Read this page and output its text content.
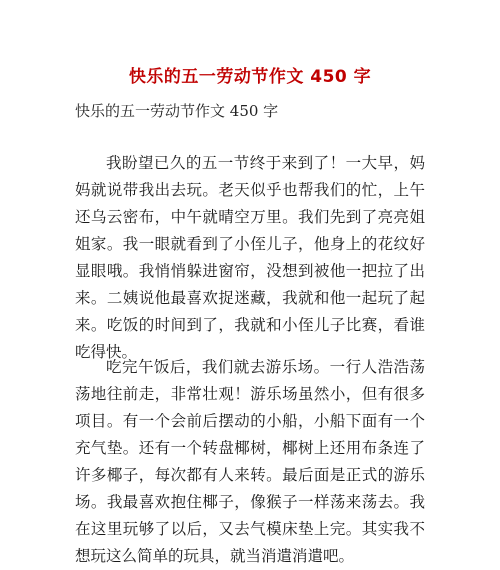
快乐的五一劳动节作文 450 字
快乐的五一劳动节作文 450 字

我盼望已久的五一节终于来到了！一大早，妈妈就说带我出去玩。老天似乎也帮我们的忙，上午还乌云密布，中午就晴空万里。我们先到了亮亮姐姐家。我一眼就看到了小侄儿子，他身上的花纹好显眼哦。我悄悄躲进窗帘，没想到被他一把拉了出来。二姨说他最喜欢捉迷藏，我就和他一起玩了起来。吃饭的时间到了，我就和小侄儿子比赛，看谁吃得快。

吃完午饭后，我们就去游乐场。一行人浩浩荡荡地往前走，非常壮观！游乐场虽然小，但有很多项目。有一个会前后摆动的小船，小船下面有一个充气垫。还有一个转盘椰树，椰树上还用布条连了许多椰子，每次都有人来转。最后面是正式的游乐场。我最喜欢抱住椰子，像猴子一样荡来荡去。我在这里玩够了以后，又去气模床垫上完。其实我不想玩这么简单的玩具，就当消遣消遣吧。
